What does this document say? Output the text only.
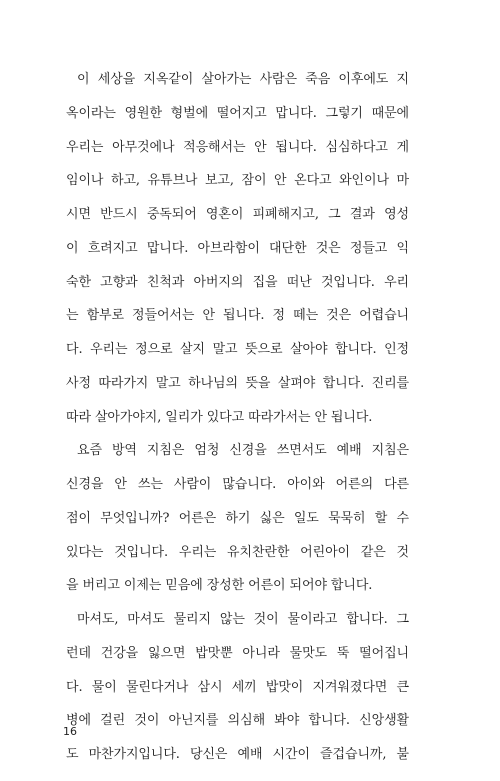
이 세상을 지옥같이 살아가는 사람은 죽음 이후에도 지
옥이라는 영원한 형벌에 떨어지고 맙니다. 그렇기 때문에
우리는 아무것에나 적응해서는 안 됩니다. 심심하다고 게
임이나 하고, 유튜브나 보고, 잠이 안 온다고 와인이나 마
시면 반드시 중독되어 영혼이 피폐해지고, 그 결과 영성
이 흐려지고 맙니다. 아브라함이 대단한 것은 정들고 익
숙한 고향과 친척과 아버지의 집을 떠난 것입니다. 우리
는 함부로 정들어서는 안 됩니다. 정 떼는 것은 어렵습니
다. 우리는 정으로 살지 말고 뜻으로 살아야 합니다. 인정
사정 따라가지 말고 하나님의 뜻을 살펴야 합니다. 진리를
따라 살아가야지, 일리가 있다고 따라가서는 안 됩니다.
요즘 방역 지침은 엄청 신경을 쓰면서도 예배 지침은
신경을 안 쓰는 사람이 많습니다. 아이와 어른의 다른
점이 무엇입니까? 어른은 하기 싫은 일도 묵묵히 할 수
있다는 것입니다. 우리는 유치찬란한 어린아이 같은 것
을 버리고 이제는 믿음에 장성한 어른이 되어야 합니다.
마셔도, 마셔도 물리지 않는 것이 물이라고 합니다. 그
런데 건강을 잃으면 밥맛뿐 아니라 물맛도 뚝 떨어집니
다. 물이 물린다거나 삼시 세끼 밥맛이 지겨워졌다면 큰
병에 걸린 것이 아닌지를 의심해 봐야 합니다. 신앙생활
도 마찬가지입니다. 당신은 예배 시간이 즐겁습니까, 불
16
